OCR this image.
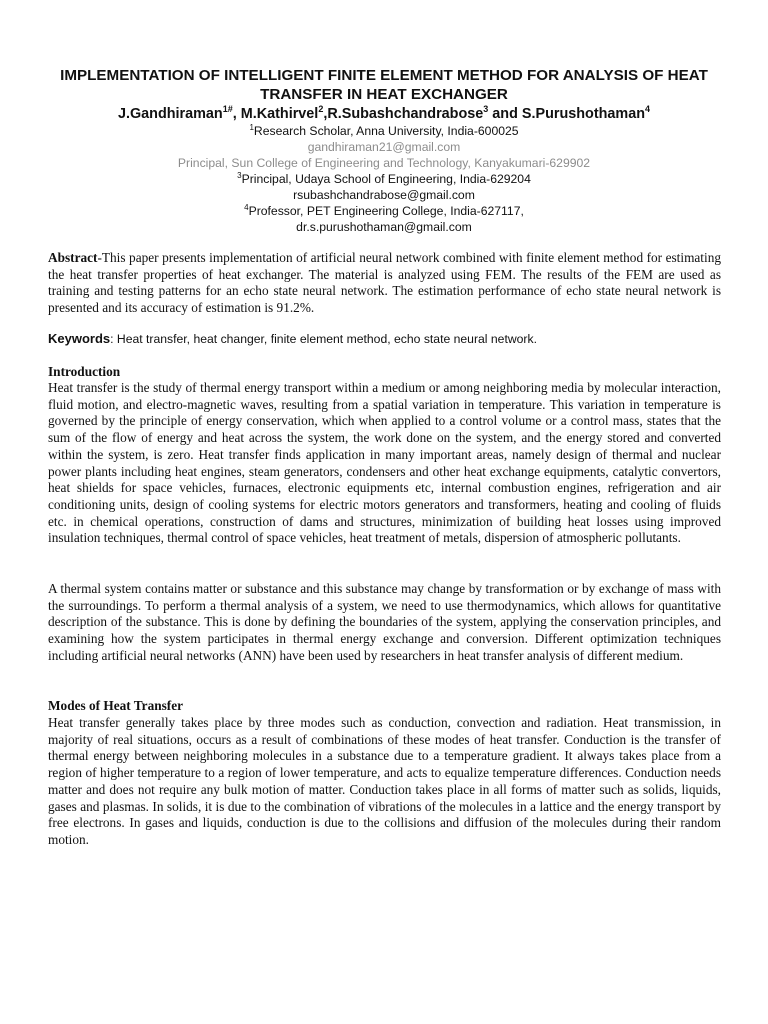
IMPLEMENTATION OF INTELLIGENT FINITE ELEMENT METHOD FOR ANALYSIS OF HEAT TRANSFER IN HEAT EXCHANGER
J.Gandhiraman$^{1\#}$, M.Kathirvel$^2$,R.Subashchandrabose$^3$ and S.Purushothaman$^4$
$^1$Research Scholar, Anna University, India-600025
gandhiraman21@gmail.com
Principal, Sun College of Engineering and Technology, Kanyakumari-629902
$^3$Principal, Udaya School of Engineering, India-629204
rsubashchandrabose@gmail.com
$^4$Professor, PET Engineering College, India-627117,
dr.s.purushothaman@gmail.com

Abstract-This paper presents implementation of artificial neural network combined with finite element method for estimating the heat transfer properties of heat exchanger. The material is analyzed using FEM. The results of the FEM are used as training and testing patterns for an echo state neural network. The estimation performance of echo state neural network is presented and its accuracy of estimation is 91.2%.

Keywords: Heat transfer, heat changer, finite element method, echo state neural network.

Introduction

Heat transfer is the study of thermal energy transport within a medium or among neighboring media by molecular interaction, fluid motion, and electro-magnetic waves, resulting from a spatial variation in temperature. This variation in temperature is governed by the principle of energy conservation, which when applied to a control volume or a control mass, states that the sum of the flow of energy and heat across the system, the work done on the system, and the energy stored and converted within the system, is zero. Heat transfer finds application in many important areas, namely design of thermal and nuclear power plants including heat engines, steam generators, condensers and other heat exchange equipments, catalytic convertors, heat shields for space vehicles, furnaces, electronic equipments etc, internal combustion engines, refrigeration and air conditioning units, design of cooling systems for electric motors generators and transformers, heating and cooling of fluids etc. in chemical operations, construction of dams and structures, minimization of building heat losses using improved insulation techniques, thermal control of space vehicles, heat treatment of metals, dispersion of atmospheric pollutants.

A thermal system contains matter or substance and this substance may change by transformation or by exchange of mass with the surroundings. To perform a thermal analysis of a system, we need to use thermodynamics, which allows for quantitative description of the substance. This is done by defining the boundaries of the system, applying the conservation principles, and examining how the system participates in thermal energy exchange and conversion. Different optimization techniques including artificial neural networks (ANN) have been used by researchers in heat transfer analysis of different medium.

Modes of Heat Transfer

Heat transfer generally takes place by three modes such as conduction, convection and radiation. Heat transmission, in majority of real situations, occurs as a result of combinations of these modes of heat transfer. Conduction is the transfer of thermal energy between neighboring molecules in a substance due to a temperature gradient. It always takes place from a region of higher temperature to a region of lower temperature, and acts to equalize temperature differences. Conduction needs matter and does not require any bulk motion of matter. Conduction takes place in all forms of matter such as solids, liquids, gases and plasmas. In solids, it is due to the combination of vibrations of the molecules in a lattice and the energy transport by free electrons. In gases and liquids, conduction is due to the collisions and diffusion of the molecules during their random motion.
